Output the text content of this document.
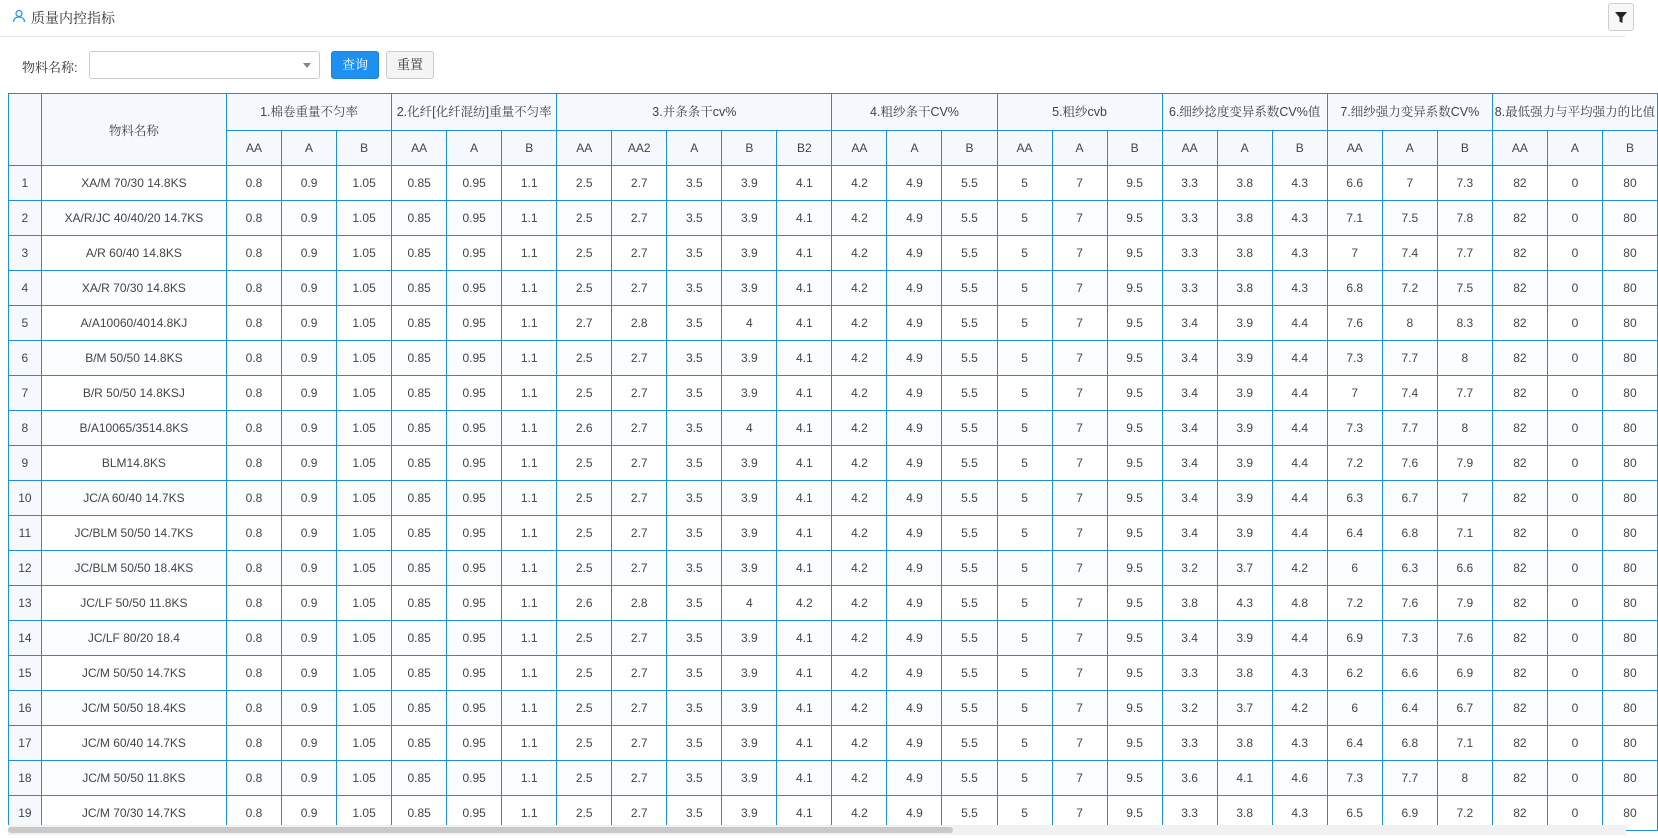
质量内控指标
物料名称:	查询	重置
	物料名称	1.棉卷重量不匀率			2.化纤[化纤混纺]重量不匀率			3.并条条干cv%					4.粗纱条干CV%			5.粗纱cvb			6.细纱捻度变异系数CV%值			7.细纱强力变异系数CV%			8.最低强力与平均强力的比值		
		AA	A	B	AA	A	B	AA	AA2	A	B	B2	AA	A	B	AA	A	B	AA	A	B	AA	A	B	AA	A	B
1	XA/M 70/30 14.8KS	0.8	0.9	1.05	0.85	0.95	1.1	2.5	2.7	3.5	3.9	4.1	4.2	4.9	5.5	5	7	9.5	3.3	3.8	4.3	6.6	7	7.3	82	0	80
2	XA/R/JC 40/40/20 14.7KS	0.8	0.9	1.05	0.85	0.95	1.1	2.5	2.7	3.5	3.9	4.1	4.2	4.9	5.5	5	7	9.5	3.3	3.8	4.3	7.1	7.5	7.8	82	0	80
3	A/R 60/40 14.8KS	0.8	0.9	1.05	0.85	0.95	1.1	2.5	2.7	3.5	3.9	4.1	4.2	4.9	5.5	5	7	9.5	3.3	3.8	4.3	7	7.4	7.7	82	0	80
4	XA/R 70/30 14.8KS	0.8	0.9	1.05	0.85	0.95	1.1	2.5	2.7	3.5	3.9	4.1	4.2	4.9	5.5	5	7	9.5	3.3	3.8	4.3	6.8	7.2	7.5	82	0	80
5	A/A10060/4014.8KJ	0.8	0.9	1.05	0.85	0.95	1.1	2.7	2.8	3.5	4	4.1	4.2	4.9	5.5	5	7	9.5	3.4	3.9	4.4	7.6	8	8.3	82	0	80
6	B/M 50/50 14.8KS	0.8	0.9	1.05	0.85	0.95	1.1	2.5	2.7	3.5	3.9	4.1	4.2	4.9	5.5	5	7	9.5	3.4	3.9	4.4	7.3	7.7	8	82	0	80
7	B/R 50/50 14.8KSJ	0.8	0.9	1.05	0.85	0.95	1.1	2.5	2.7	3.5	3.9	4.1	4.2	4.9	5.5	5	7	9.5	3.4	3.9	4.4	7	7.4	7.7	82	0	80
8	B/A10065/3514.8KS	0.8	0.9	1.05	0.85	0.95	1.1	2.6	2.7	3.5	4	4.1	4.2	4.9	5.5	5	7	9.5	3.4	3.9	4.4	7.3	7.7	8	82	0	80
9	BLM14.8KS	0.8	0.9	1.05	0.85	0.95	1.1	2.5	2.7	3.5	3.9	4.1	4.2	4.9	5.5	5	7	9.5	3.4	3.9	4.4	7.2	7.6	7.9	82	0	80
10	JC/A 60/40 14.7KS	0.8	0.9	1.05	0.85	0.95	1.1	2.5	2.7	3.5	3.9	4.1	4.2	4.9	5.5	5	7	9.5	3.4	3.9	4.4	6.3	6.7	7	82	0	80
11	JC/BLM 50/50 14.7KS	0.8	0.9	1.05	0.85	0.95	1.1	2.5	2.7	3.5	3.9	4.1	4.2	4.9	5.5	5	7	9.5	3.4	3.9	4.4	6.4	6.8	7.1	82	0	80
12	JC/BLM 50/50 18.4KS	0.8	0.9	1.05	0.85	0.95	1.1	2.5	2.7	3.5	3.9	4.1	4.2	4.9	5.5	5	7	9.5	3.2	3.7	4.2	6	6.3	6.6	82	0	80
13	JC/LF 50/50 11.8KS	0.8	0.9	1.05	0.85	0.95	1.1	2.6	2.8	3.5	4	4.2	4.2	4.9	5.5	5	7	9.5	3.8	4.3	4.8	7.2	7.6	7.9	82	0	80
14	JC/LF 80/20 18.4	0.8	0.9	1.05	0.85	0.95	1.1	2.5	2.7	3.5	3.9	4.1	4.2	4.9	5.5	5	7	9.5	3.4	3.9	4.4	6.9	7.3	7.6	82	0	80
15	JC/M 50/50 14.7KS	0.8	0.9	1.05	0.85	0.95	1.1	2.5	2.7	3.5	3.9	4.1	4.2	4.9	5.5	5	7	9.5	3.3	3.8	4.3	6.2	6.6	6.9	82	0	80
16	JC/M 50/50 18.4KS	0.8	0.9	1.05	0.85	0.95	1.1	2.5	2.7	3.5	3.9	4.1	4.2	4.9	5.5	5	7	9.5	3.2	3.7	4.2	6	6.4	6.7	82	0	80
17	JC/M 60/40 14.7KS	0.8	0.9	1.05	0.85	0.95	1.1	2.5	2.7	3.5	3.9	4.1	4.2	4.9	5.5	5	7	9.5	3.3	3.8	4.3	6.4	6.8	7.1	82	0	80
18	JC/M 50/50 11.8KS	0.8	0.9	1.05	0.85	0.95	1.1	2.5	2.7	3.5	3.9	4.1	4.2	4.9	5.5	5	7	9.5	3.6	4.1	4.6	7.3	7.7	8	82	0	80
19	JC/M 70/30 14.7KS	0.8	0.9	1.05	0.85	0.95	1.1	2.5	2.7	3.5	3.9	4.1	4.2	4.9	5.5	5	7	9.5	3.3	3.8	4.3	6.5	6.9	7.2	82	0	80
